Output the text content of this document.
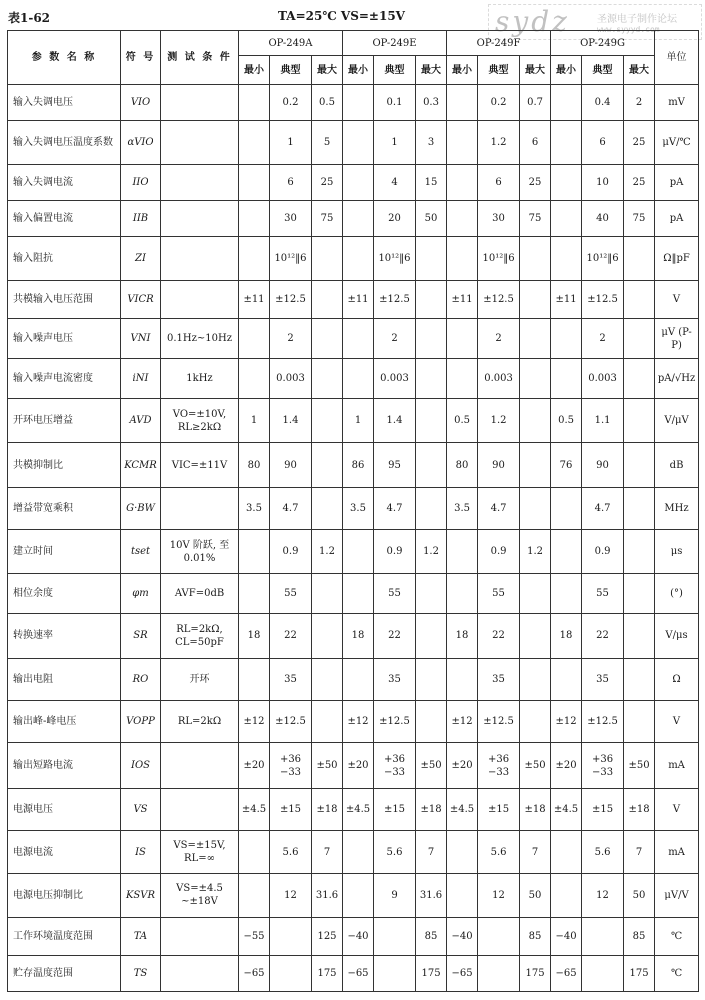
表1-62	TA=25℃ VS=±15V	sydz	圣源电子制作论坛
www.syyyd.com
参 数 名 称	符 号	测 试 条 件	OP-249A			OP-249E			OP-249F			OP-249G			单位
			最小	典型	最大	最小	典型	最大	最小	典型	最大	最小	典型	最大	
输入失调电压	VIO			0.2	0.5		0.1	0.3		0.2	0.7		0.4	2	mV
输入失调电压温度系数	αVIO			1	5		1	3		1.2	6		6	25	μV/℃
输入失调电流	IIO			6	25		4	15		6	25		10	25	pA
输入偏置电流	IIB			30	75		20	50		30	75		40	75	pA
输入阻抗	ZI			10¹²‖6			10¹²‖6			10¹²‖6			10¹²‖6		Ω‖pF
共模输入电压范围	VICR		±11	±12.5		±11	±12.5		±11	±12.5		±11	±12.5		V
输入噪声电压	VNI	0.1Hz~10Hz		2			2			2			2		μV (P-P)
输入噪声电流密度	iNI	1kHz		0.003			0.003			0.003			0.003		pA/√Hz
开环电压增益	AVD	VO=±10V, RL≥2kΩ	1	1.4		1	1.4		0.5	1.2		0.5	1.1		V/μV
共模抑制比	KCMR	VIC=±11V	80	90		86	95		80	90		76	90		dB
增益带宽乘积	G·BW		3.5	4.7		3.5	4.7		3.5	4.7			4.7		MHz
建立时间	tset	10V 阶跃, 至0.01%		0.9	1.2		0.9	1.2		0.9	1.2		0.9		μs
相位余度	φm	AVF=0dB		55			55			55			55		(°)
转换速率	SR	RL=2kΩ, CL=50pF	18	22		18	22		18	22		18	22		V/μs
输出电阻	RO	开环		35			35			35			35		Ω
输出峰-峰电压	VOPP	RL=2kΩ	±12	±12.5		±12	±12.5		±12	±12.5		±12	±12.5		V
输出短路电流	IOS		±20	+36 −33	±50	±20	+36 −33	±50	±20	+36 −33	±50	±20	+36 −33	±50	mA
电源电压	VS		±4.5	±15	±18	±4.5	±15	±18	±4.5	±15	±18	±4.5	±15	±18	V
电源电流	IS	VS=±15V, RL=∞		5.6	7		5.6	7		5.6	7		5.6	7	mA
电源电压抑制比	KSVR	VS=±4.5 ~±18V		12	31.6		9	31.6		12	50		12	50	μV/V
工作环境温度范围	TA		−55		125	−40		85	−40		85	−40		85	℃
贮存温度范围	TS		−65		175	−65		175	−65		175	−65		175	℃
